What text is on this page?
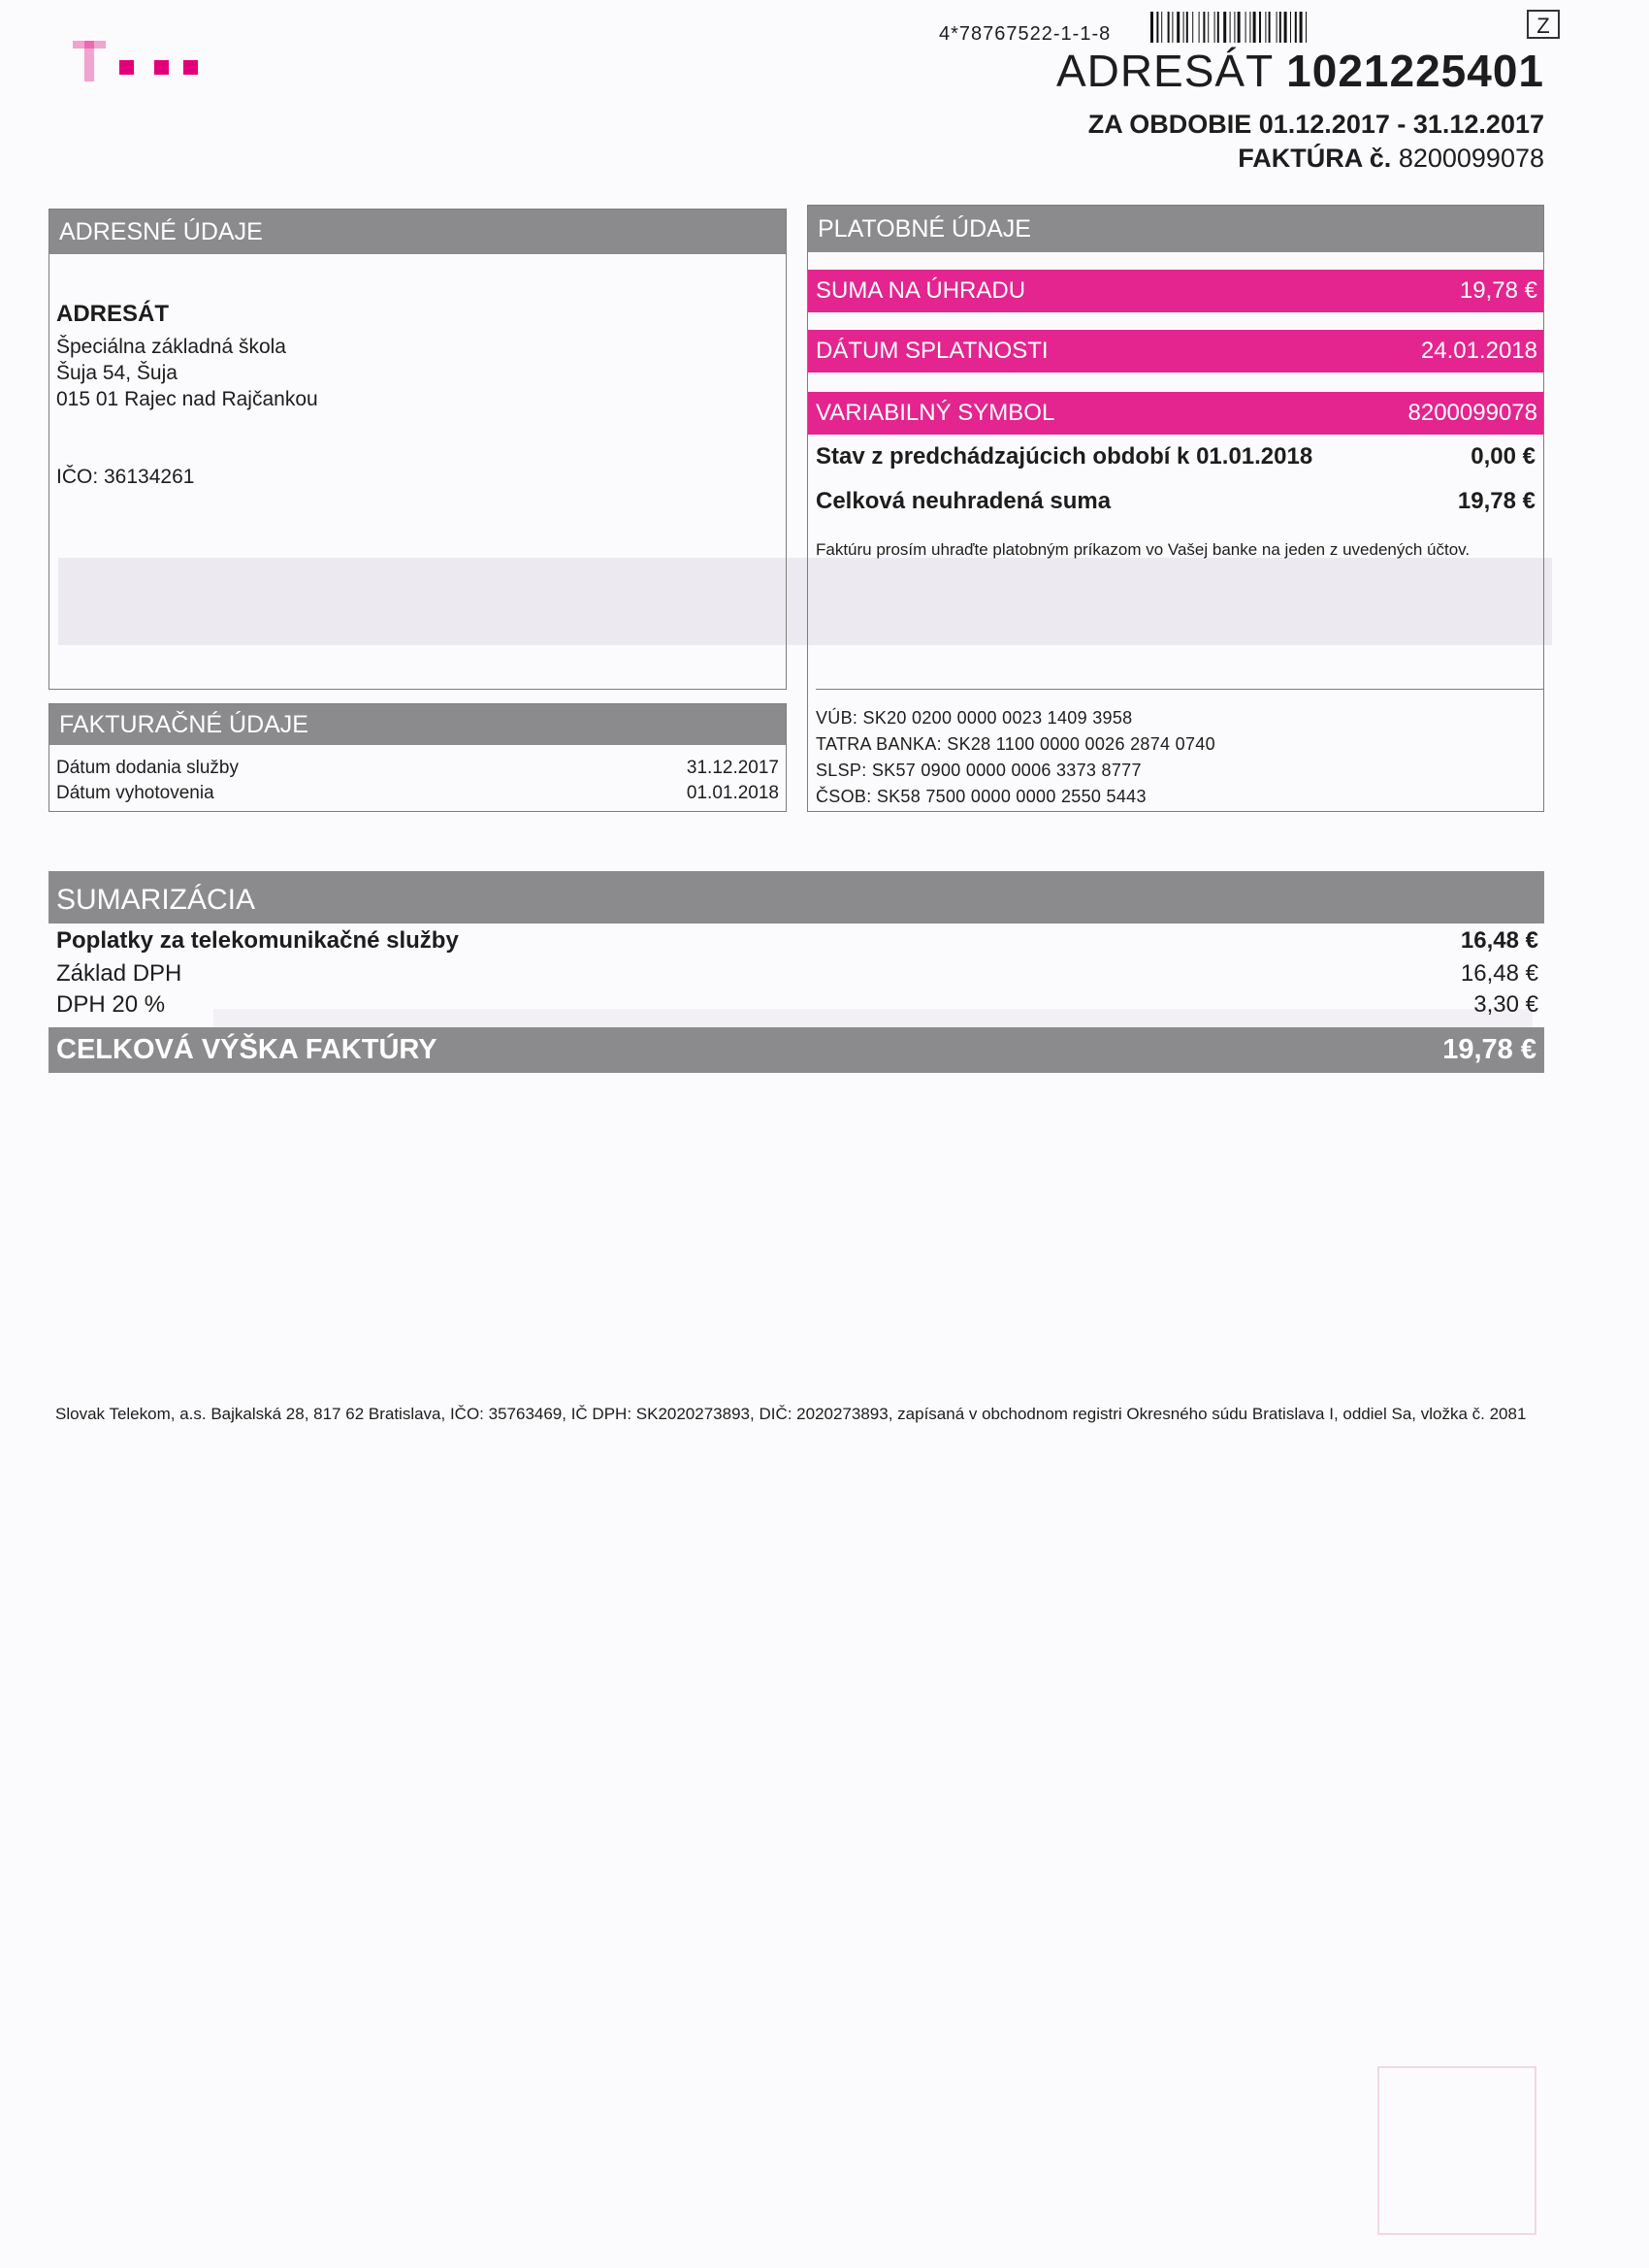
4*78767522-1-1-8	Z
ADRESÁT 1021225401
ZA OBDOBIE 01.12.2017 - 31.12.2017
FAKTÚRA č. 8200099078
ADRESNÉ ÚDAJE
ADRESÁT
Špeciálna základná škola
Šuja 54, Šuja
015 01 Rajec nad Rajčankou
IČO: 36134261
FAKTURAČNÉ ÚDAJE
Dátum dodania služby	31.12.2017
Dátum vyhotovenia	01.01.2018
PLATOBNÉ ÚDAJE
SUMA NA ÚHRADU	19,78 €
DÁTUM SPLATNOSTI	24.01.2018
VARIABILNÝ SYMBOL	8200099078
Stav z predchádzajúcich období k 01.01.2018	0,00 €
Celková neuhradená suma	19,78 €
Faktúru prosím uhraďte platobným príkazom vo Vašej banke na jeden z uvedených účtov.
VÚB: SK20 0200 0000 0023 1409 3958
TATRA BANKA: SK28 1100 0000 0026 2874 0740
SLSP: SK57 0900 0000 0006 3373 8777
ČSOB: SK58 7500 0000 0000 2550 5443
SUMARIZÁCIA
Poplatky za telekomunikačné služby	16,48 €
Základ DPH	16,48 €
DPH 20 %	3,30 €
CELKOVÁ VÝŠKA FAKTÚRY	19,78 €
Slovak Telekom, a.s. Bajkalská 28, 817 62 Bratislava, IČO: 35763469, IČ DPH: SK2020273893, DIČ: 2020273893, zapísaná v obchodnom registri Okresného súdu Bratislava I, oddiel Sa, vložka č. 2081
